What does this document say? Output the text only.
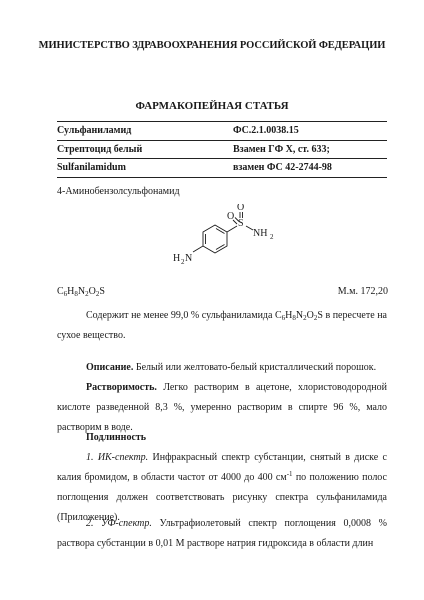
МИНИСТЕРСТВО ЗДРАВООХРАНЕНИЯ РОССИЙСКОЙ ФЕДЕРАЦИИ
ФАРМАКОПЕЙНАЯ СТАТЬЯ
Сульфаниламид	ФС.2.1.0038.15
Стрептоцид белый	Взамен ГФ X, ст. 633;
Sulfanilamidum	взамен ФС 42-2744-98
4-Аминобензолсульфонамид
O
O
S
NH 2
H 2 N
$C_6H_8N_2O_2S$	М.м. 172,20
Содержит не менее 99,0 % сульфаниламида $C_6H_8N_2O_2S$ в пересчете на сухое вещество.
Описание. Белый или желтовато-белый кристаллический порошок.
Растворимость. Легко растворим в ацетоне, хлористоводородной кислоте разведенной 8,3 %, умеренно растворим в спирте 96 %, мало растворим в воде.
Подлинность
1. ИК-спектр. Инфракрасный спектр субстанции, снятый в диске с калия бромидом, в области частот от 4000 до 400 $см^{-1}$ по положению полос поглощения должен соответствовать рисунку спектра сульфаниламида (Приложение).
2. УФ-спектр. Ультрафиолетовый спектр поглощения 0,0008 % раствора субстанции в 0,01 М растворе натрия гидроксида в области длин
